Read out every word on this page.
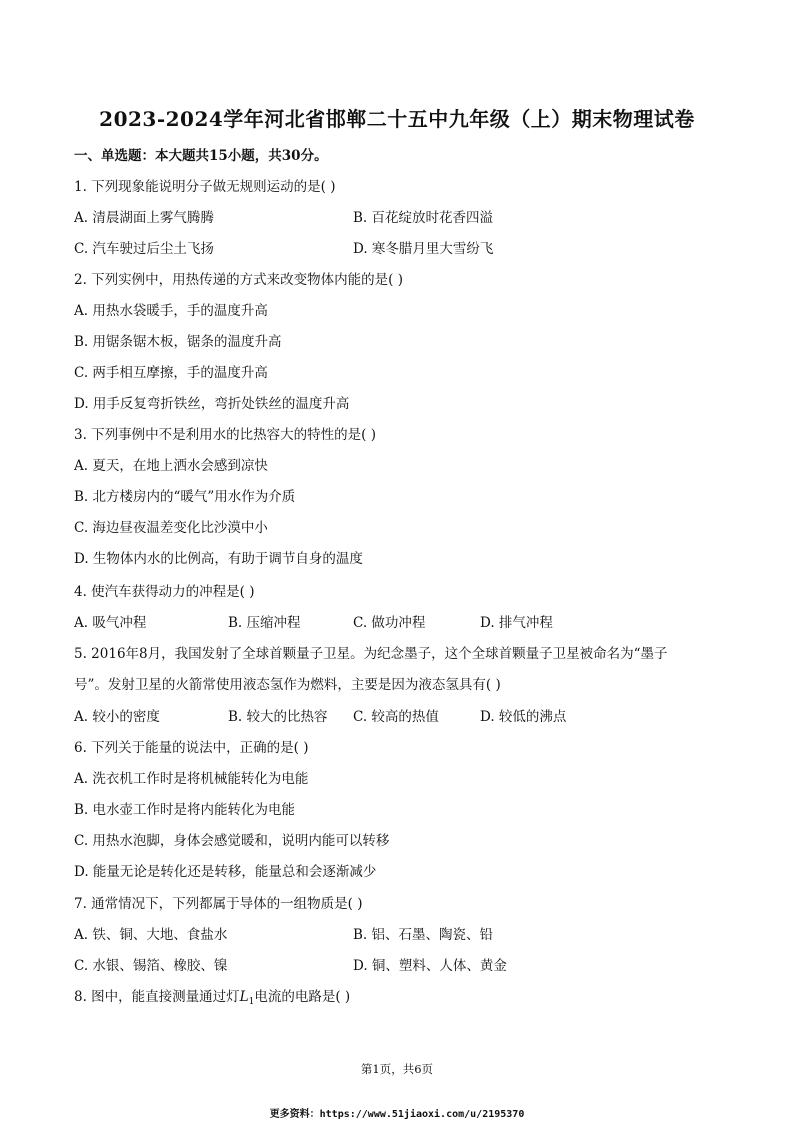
2023-2024学年河北省邯郸二十五中九年级（上）期末物理试卷
一、单选题：本大题共15小题，共30分。
1. 下列现象能说明分子做无规则运动的是( )
A. 清晨湖面上雾气腾腾	B. 百花绽放时花香四溢
C. 汽车驶过后尘土飞扬	D. 寒冬腊月里大雪纷飞
2. 下列实例中，用热传递的方式来改变物体内能的是( )
A. 用热水袋暖手，手的温度升高
B. 用锯条锯木板，锯条的温度升高
C. 两手相互摩擦，手的温度升高
D. 用手反复弯折铁丝，弯折处铁丝的温度升高
3. 下列事例中不是利用水的比热容大的特性的是( )
A. 夏天，在地上洒水会感到凉快
B. 北方楼房内的“暖气”用水作为介质
C. 海边昼夜温差变化比沙漠中小
D. 生物体内水的比例高，有助于调节自身的温度
4. 使汽车获得动力的冲程是( )
A. 吸气冲程	B. 压缩冲程	C. 做功冲程	D. 排气冲程
5. 2016年8月，我国发射了全球首颗量子卫星。为纪念墨子，这个全球首颗量子卫星被命名为“墨子
号”。发射卫星的火箭常使用液态氢作为燃料，主要是因为液态氢具有( )
A. 较小的密度	B. 较大的比热容 C. 较高的热值	D. 较低的沸点
6. 下列关于能量的说法中，正确的是( )
A. 洗衣机工作时是将机械能转化为电能
B. 电水壶工作时是将内能转化为电能
C. 用热水泡脚，身体会感觉暖和，说明内能可以转移
D. 能量无论是转化还是转移，能量总和会逐渐减少
7. 通常情况下，下列都属于导体的一组物质是( )
A. 铁、铜、大地、食盐水	B. 铝、石墨、陶瓷、铅
C. 水银、锡箔、橡胶、镍	D. 铜、塑料、人体、黄金
8. 图中，能直接测量通过灯$L_1$电流的电路是( )
第1页，共6页
更多资料：https://www.51jiaoxi.com/u/2195370
